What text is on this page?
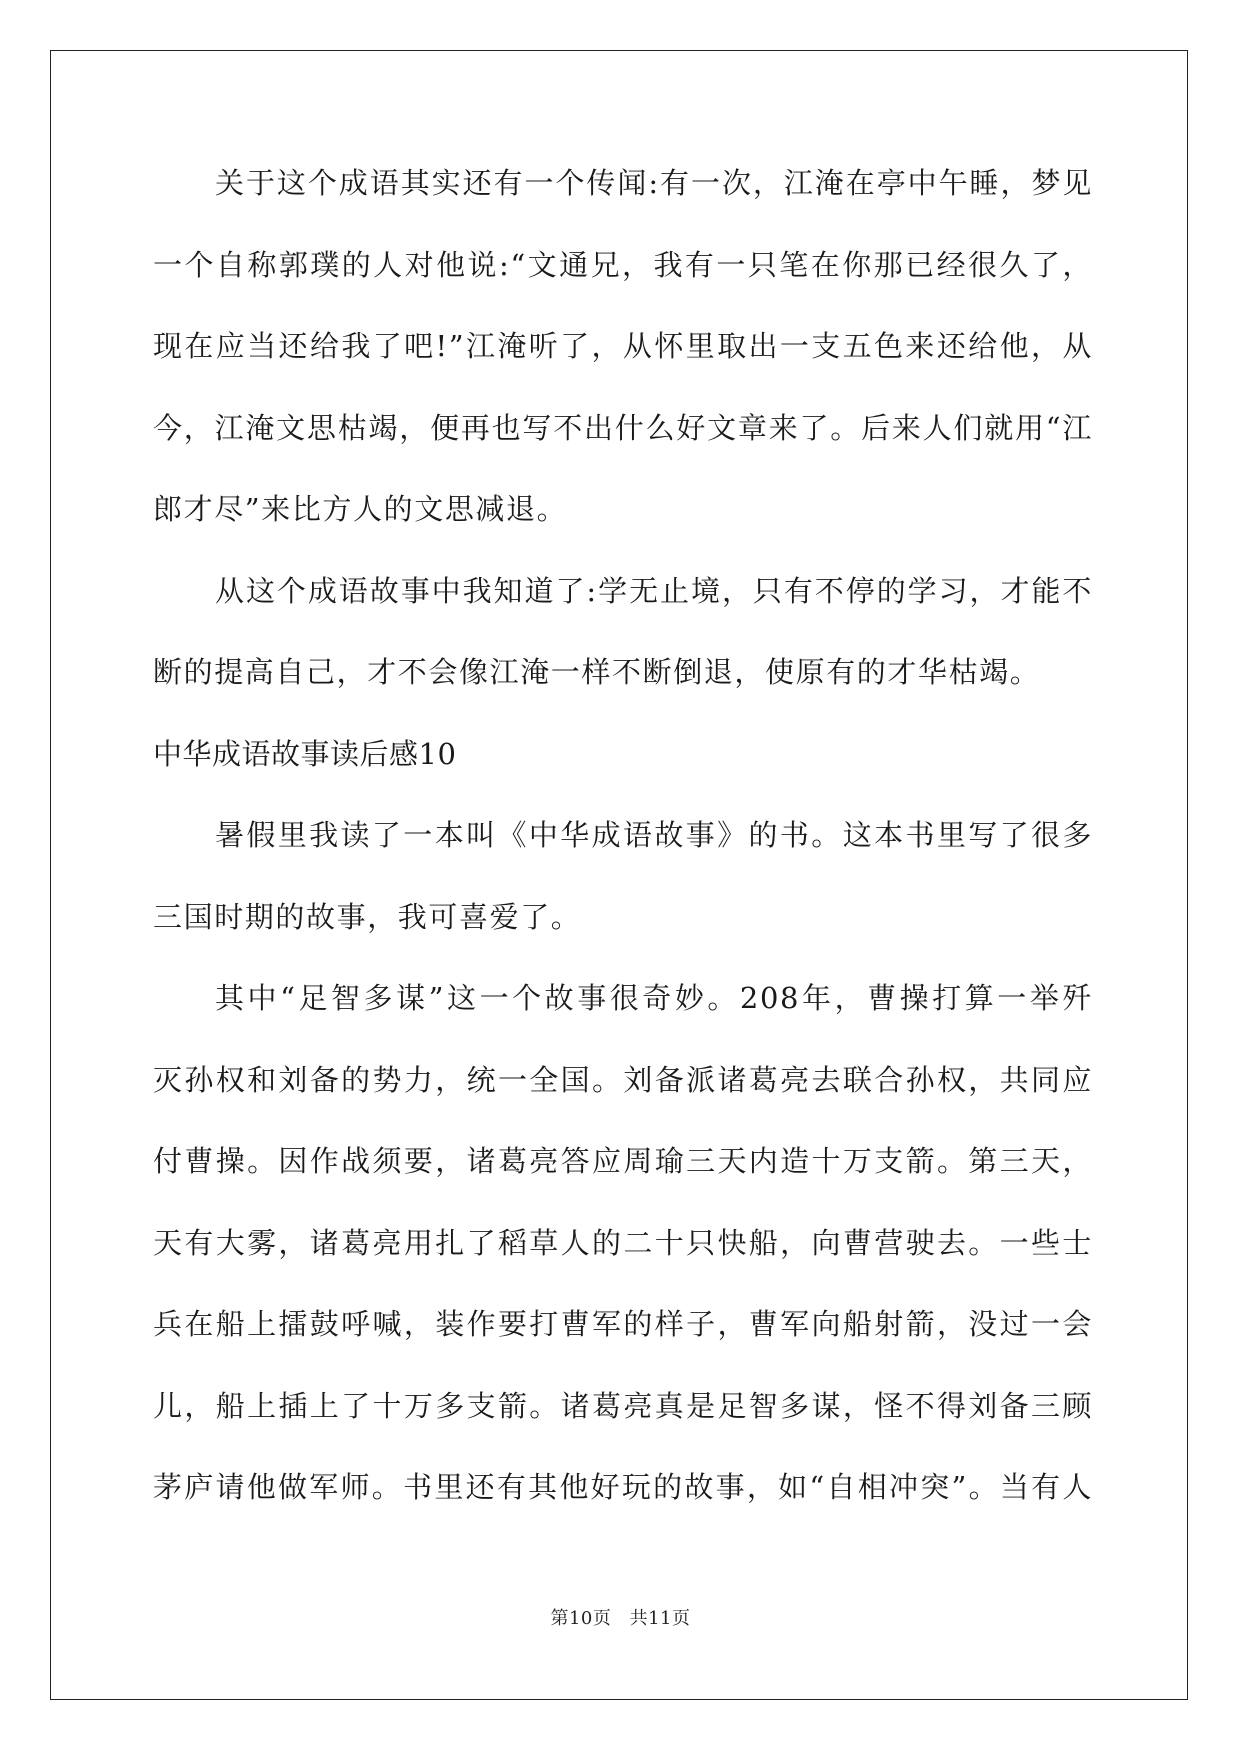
关于这个成语其实还有一个传闻:有一次，江淹在亭中午睡，梦见
一个自称郭璞的人对他说:“文通兄，我有一只笔在你那已经很久了，
现在应当还给我了吧!”江淹听了，从怀里取出一支五色来还给他，从
今，江淹文思枯竭，便再也写不出什么好文章来了。后来人们就用“江
郎才尽”来比方人的文思减退。
从这个成语故事中我知道了:学无止境，只有不停的学习，才能不
断的提高自己，才不会像江淹一样不断倒退，使原有的才华枯竭。
中华成语故事读后感10
暑假里我读了一本叫《中华成语故事》的书。这本书里写了很多
三国时期的故事，我可喜爱了。
其中“足智多谋”这一个故事很奇妙。208年，曹操打算一举歼
灭孙权和刘备的势力，统一全国。刘备派诸葛亮去联合孙权，共同应
付曹操。因作战须要，诸葛亮答应周瑜三天内造十万支箭。第三天，
天有大雾，诸葛亮用扎了稻草人的二十只快船，向曹营驶去。一些士
兵在船上擂鼓呼喊，装作要打曹军的样子，曹军向船射箭，没过一会
儿，船上插上了十万多支箭。诸葛亮真是足智多谋，怪不得刘备三顾
茅庐请他做军师。书里还有其他好玩的故事，如“自相冲突”。当有人
第10页 共11页
